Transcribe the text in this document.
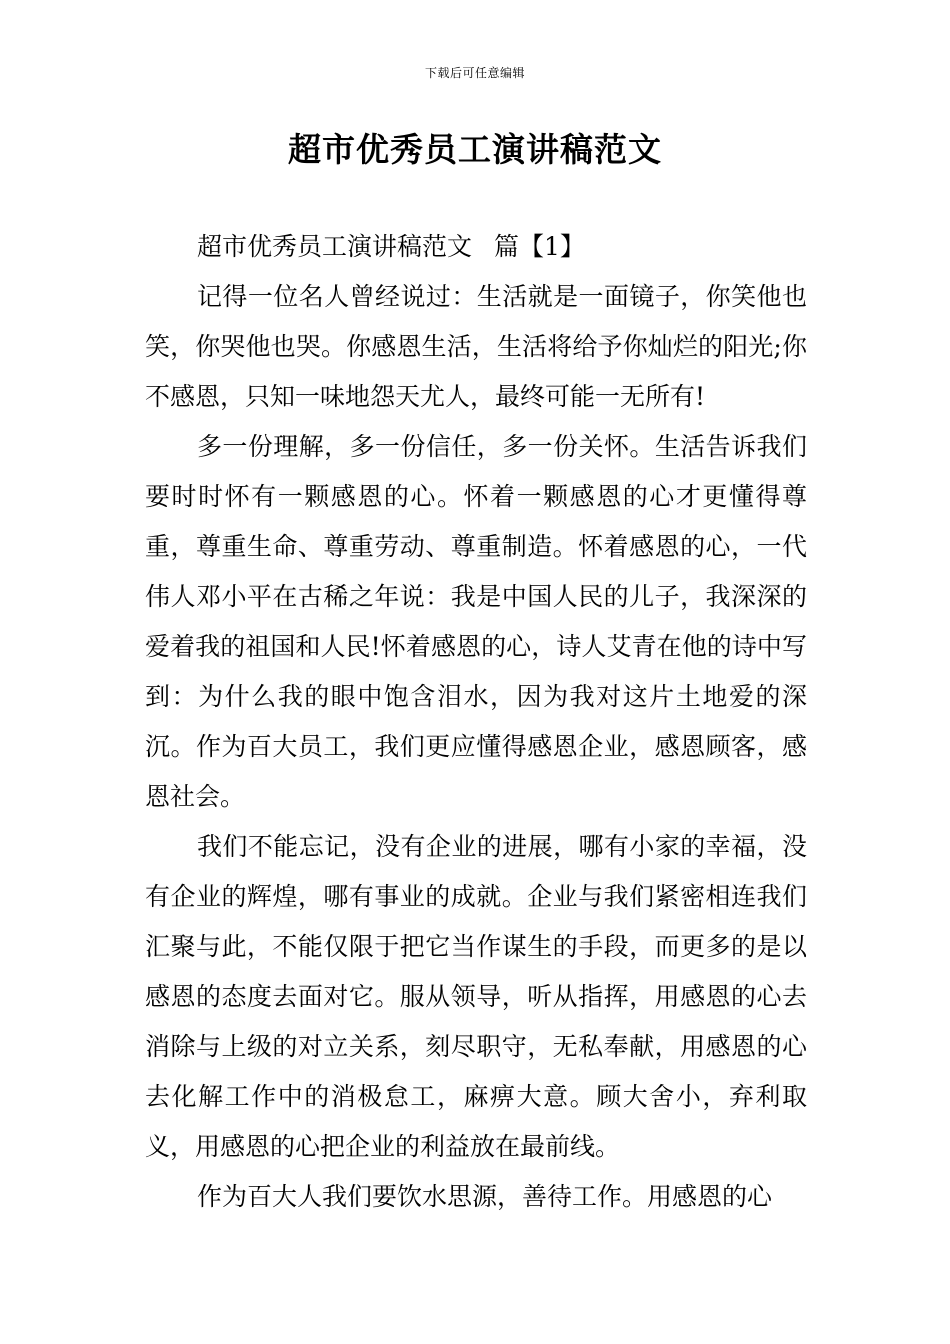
下载后可任意编辑
超市优秀员工演讲稿范文
超市优秀员工演讲稿范文 篇【1】

记得一位名人曾经说过：生活就是一面镜子，你笑他也笑，你哭他也哭。你感恩生活，生活将给予你灿烂的阳光;你不感恩，只知一味地怨天尤人，最终可能一无所有!

多一份理解，多一份信任，多一份关怀。生活告诉我们要时时怀有一颗感恩的心。怀着一颗感恩的心才更懂得尊重，尊重生命、尊重劳动、尊重制造。怀着感恩的心，一代伟人邓小平在古稀之年说：我是中国人民的儿子，我深深的爱着我的祖国和人民!怀着感恩的心，诗人艾青在他的诗中写到：为什么我的眼中饱含泪水，因为我对这片土地爱的深沉。作为百大员工，我们更应懂得感恩企业，感恩顾客，感恩社会。

我们不能忘记，没有企业的进展，哪有小家的幸福，没有企业的辉煌，哪有事业的成就。企业与我们紧密相连我们汇聚与此，不能仅限于把它当作谋生的手段，而更多的是以感恩的态度去面对它。服从领导，听从指挥，用感恩的心去消除与上级的对立关系，刻尽职守，无私奉献，用感恩的心去化解工作中的消极怠工，麻痹大意。顾大舍小，弃利取义，用感恩的心把企业的利益放在最前线。

作为百大人我们要饮水思源，善待工作。用感恩的心
